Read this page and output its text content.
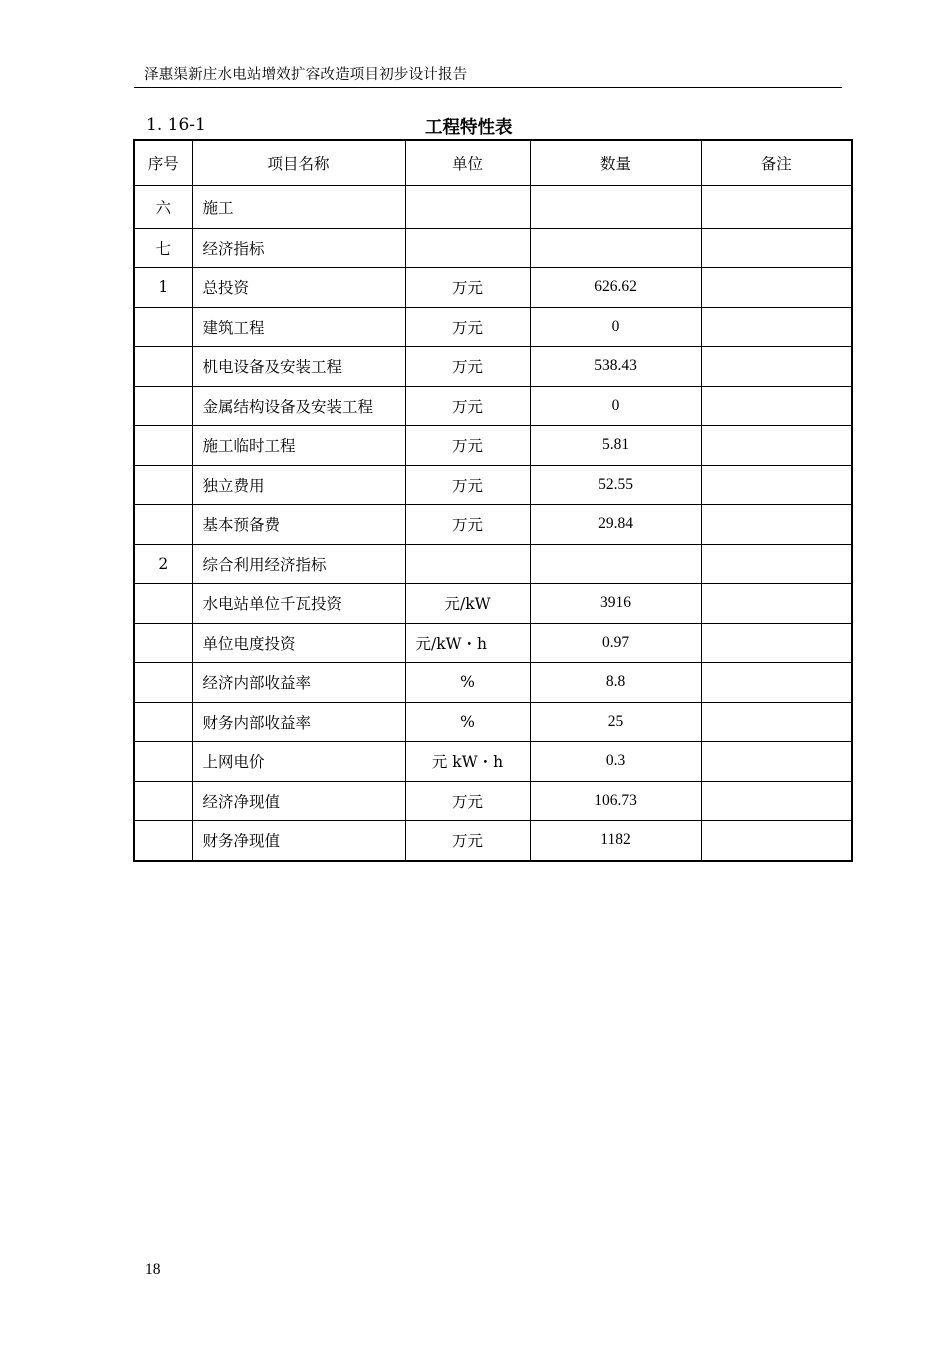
泽惠渠新庄水电站增效扩容改造项目初步设计报告
1. 16-1	工程特性表
序号	项目名称	单位	数量	备注
六	施工			
七	经济指标			
1	总投资	万元	626.62	
	建筑工程	万元	0	
	机电设备及安装工程	万元	538.43	
	金属结构设备及安装工程	万元	0	
	施工临时工程	万元	5.81	
	独立费用	万元	52.55	
	基本预备费	万元	29.84	
2	综合利用经济指标			
	水电站单位千瓦投资	元/kW	3916	
	单位电度投资	元/kW・h	0.97	
	经济内部收益率	%	8.8	
	财务内部收益率	%	25	
	上网电价	元 kW・h	0.3	
	经济净现值	万元	106.73	
	财务净现值	万元	1182	
18
